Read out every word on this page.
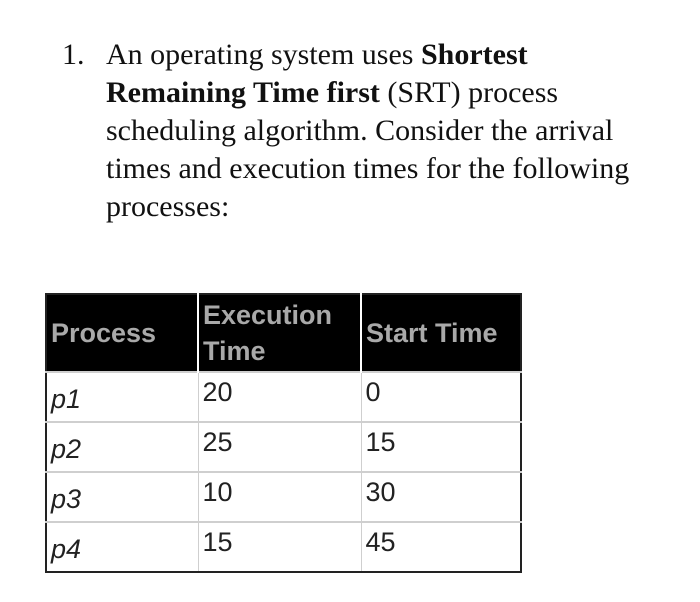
1. An operating system uses Shortest Remaining Time first (SRT) process scheduling algorithm. Consider the arrival times and execution times for the following processes:
Process	Execution Time	Start Time
p1	20	0
p2	25	15
p3	10	30
p4	15	45
